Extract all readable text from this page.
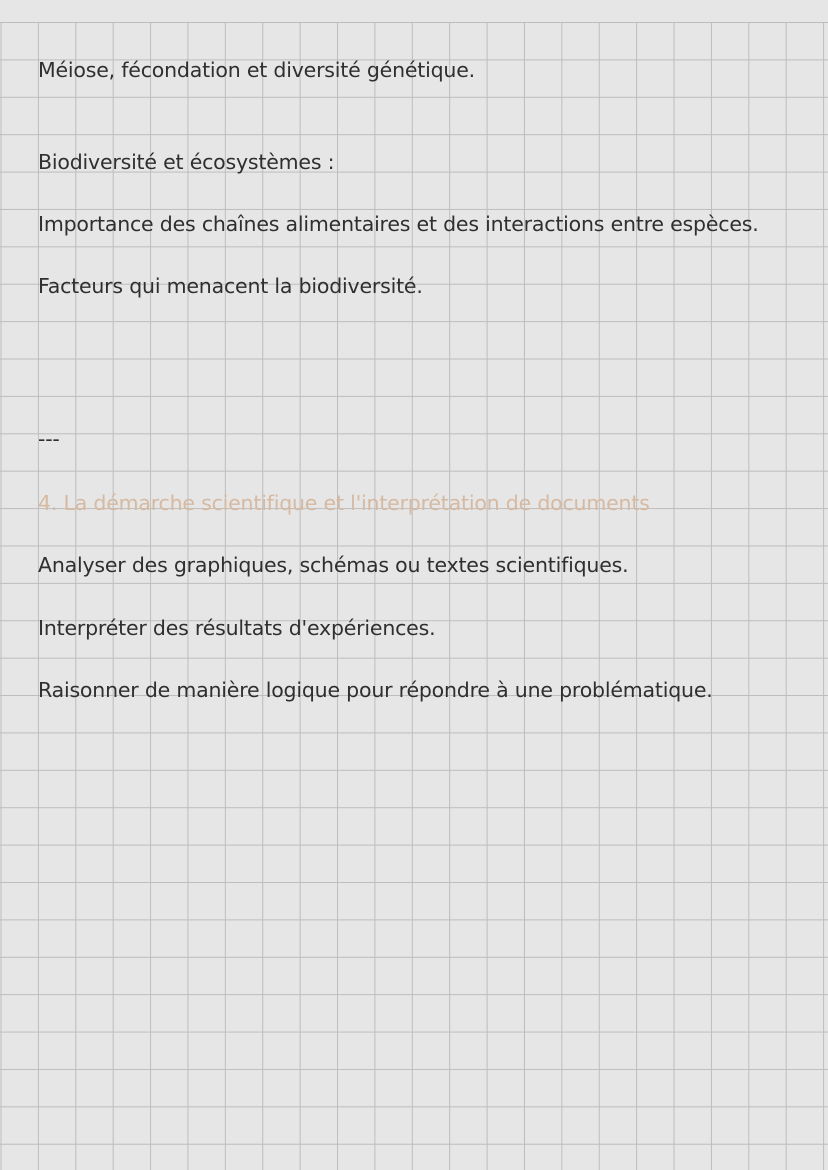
Méiose, fécondation et diversité génétique.

Biodiversité et écosystèmes :

Importance des chaînes alimentaires et des interactions entre espèces.

Facteurs qui menacent la biodiversité.

---

4. La démarche scientifique et l'interprétation de documents

Analyser des graphiques, schémas ou textes scientifiques.

Interpréter des résultats d'expériences.

Raisonner de manière logique pour répondre à une problématique.
